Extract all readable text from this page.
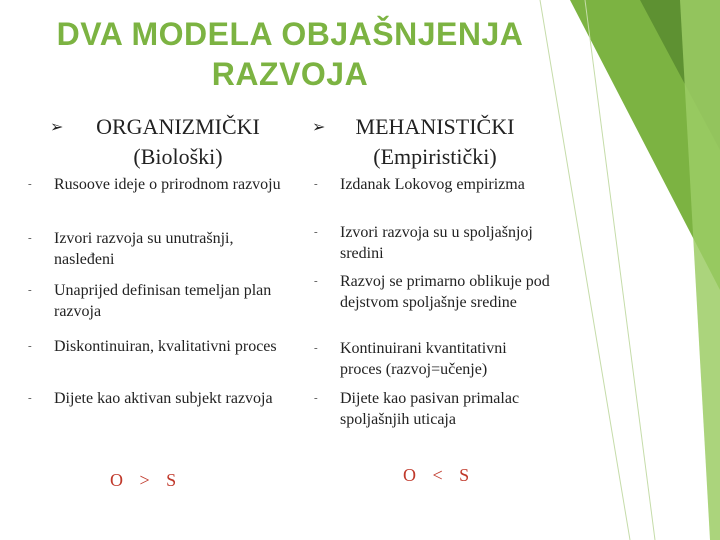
DVA MODELA OBJAŠNJENJA
RAZVOJA
➢	ORGANIZMIČKI
(Biološki)
➢	MEHANISTIČKI
(Empiristički)
- Rusoove ideje o prirodnom razvoju
- Izvori razvoja su unutrašnji, nasleđeni
- Unaprijed definisan temeljan plan razvoja
- Diskontinuiran, kvalitativni proces
- Dijete kao aktivan subjekt razvoja
- Izdanak Lokovog empirizma
- Izvori razvoja su u spoljašnjoj sredini
- Razvoj se primarno oblikuje pod dejstvom spoljašnje sredine
- Kontinuirani kvantitativni proces (razvoj=učenje)
- Dijete kao pasivan primalac spoljašnjih uticaja
O > S	O < S
